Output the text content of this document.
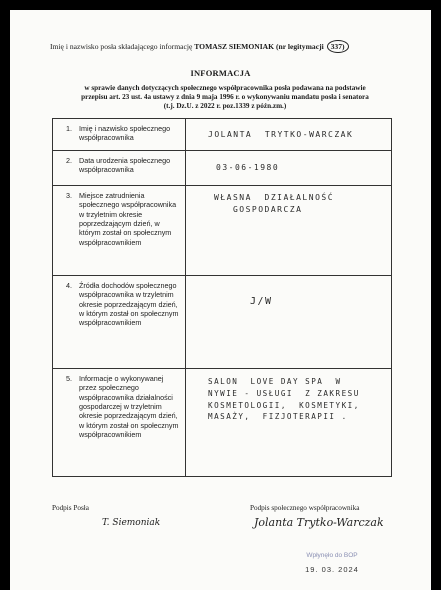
Imię i nazwisko posła składającego informację TOMASZ SIEMONIAK (nr legitymacji 337)
INFORMACJA
w sprawie danych dotyczących społecznego współpracownika posła podawana na podstawie
przepisu art. 23 ust. 4a ustawy z dnia 9 maja 1996 r. o wykonywaniu mandatu posła i senatora
(t.j. Dz.U. z 2022 r. poz.1339 z późn.zm.)
1. Imię i nazwisko społecznego współpracownika	JOLANTA  TRYTKO-WARCZAK

2. Data urodzenia społecznego współpracownika	03-06-1980

3. Miejsce zatrudnienia społecznego współpracownika w trzyletnim okresie poprzedzającym dzień, w którym został on społecznym współpracownikiem	WŁASNA  DZIAŁALNOŚĆ
GOSPODARCZA

4. Źródła dochodów społecznego współpracownika w trzyletnim okresie poprzedzającym dzień, w którym został on społecznym współpracownikiem	J/W

5. Informacje o wykonywanej przez społecznego współpracownika działalności gospodarczej w trzyletnim okresie poprzedzającym dzień, w którym został on społecznym współpracownikiem	SALON  LOVE DAY SPA  W
NYWIE - USŁUGI  Z ZAKRESU
KOSMETOLOGII,  KOSMETYKI,
MASAŻY,  FIZJOTERAPII .
Podpis Posła
T. Siemoniak
Podpis społecznego współpracownika
Jolanta Trytko-Warczak
Wpłynęło do BOP
19. 03. 2024
